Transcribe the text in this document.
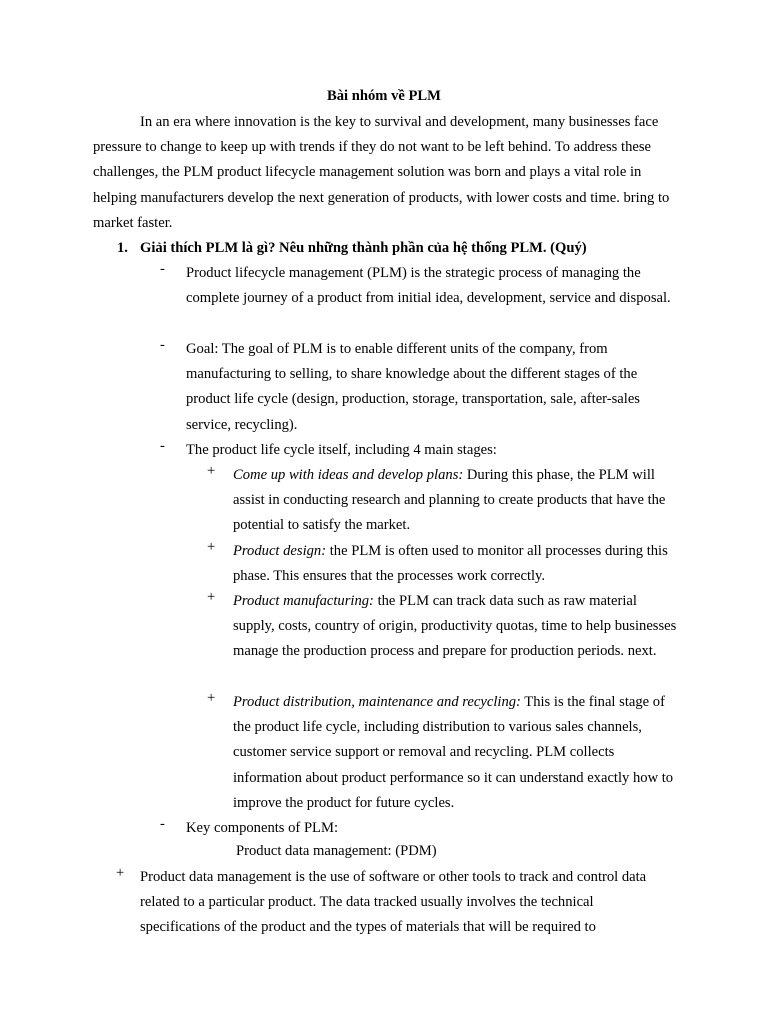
Bài nhóm về PLM

In an era where innovation is the key to survival and development, many businesses face pressure to change to keep up with trends if they do not want to be left behind. To address these challenges, the PLM product lifecycle management solution was born and plays a vital role in helping manufacturers develop the next generation of products, with lower costs and time. bring to market faster.

1. Giải thích PLM là gì? Nêu những thành phần của hệ thống PLM. (Quý)
-	Product lifecycle management (PLM) is the strategic process of managing the complete journey of a product from initial idea, development, service and disposal.
-	Goal: The goal of PLM is to enable different units of the company, from manufacturing to selling, to share knowledge about the different stages of the product life cycle (design, production, storage, transportation, sale, after-sales service, recycling).
-	The product life cycle itself, including 4 main stages:
+	Come up with ideas and develop plans: During this phase, the PLM will assist in conducting research and planning to create products that have the potential to satisfy the market.
+	Product design: the PLM is often used to monitor all processes during this phase. This ensures that the processes work correctly.
+	Product manufacturing: the PLM can track data such as raw material supply, costs, country of origin, productivity quotas, time to help businesses manage the production process and prepare for production periods. next.
+	Product distribution, maintenance and recycling: This is the final stage of the product life cycle, including distribution to various sales channels, customer service support or removal and recycling. PLM collects information about product performance so it can understand exactly how to improve the product for future cycles.
-	Key components of PLM:
Product data management: (PDM)
+	Product data management is the use of software or other tools to track and control data related to a particular product. The data tracked usually involves the technical specifications of the product and the types of materials that will be required to
